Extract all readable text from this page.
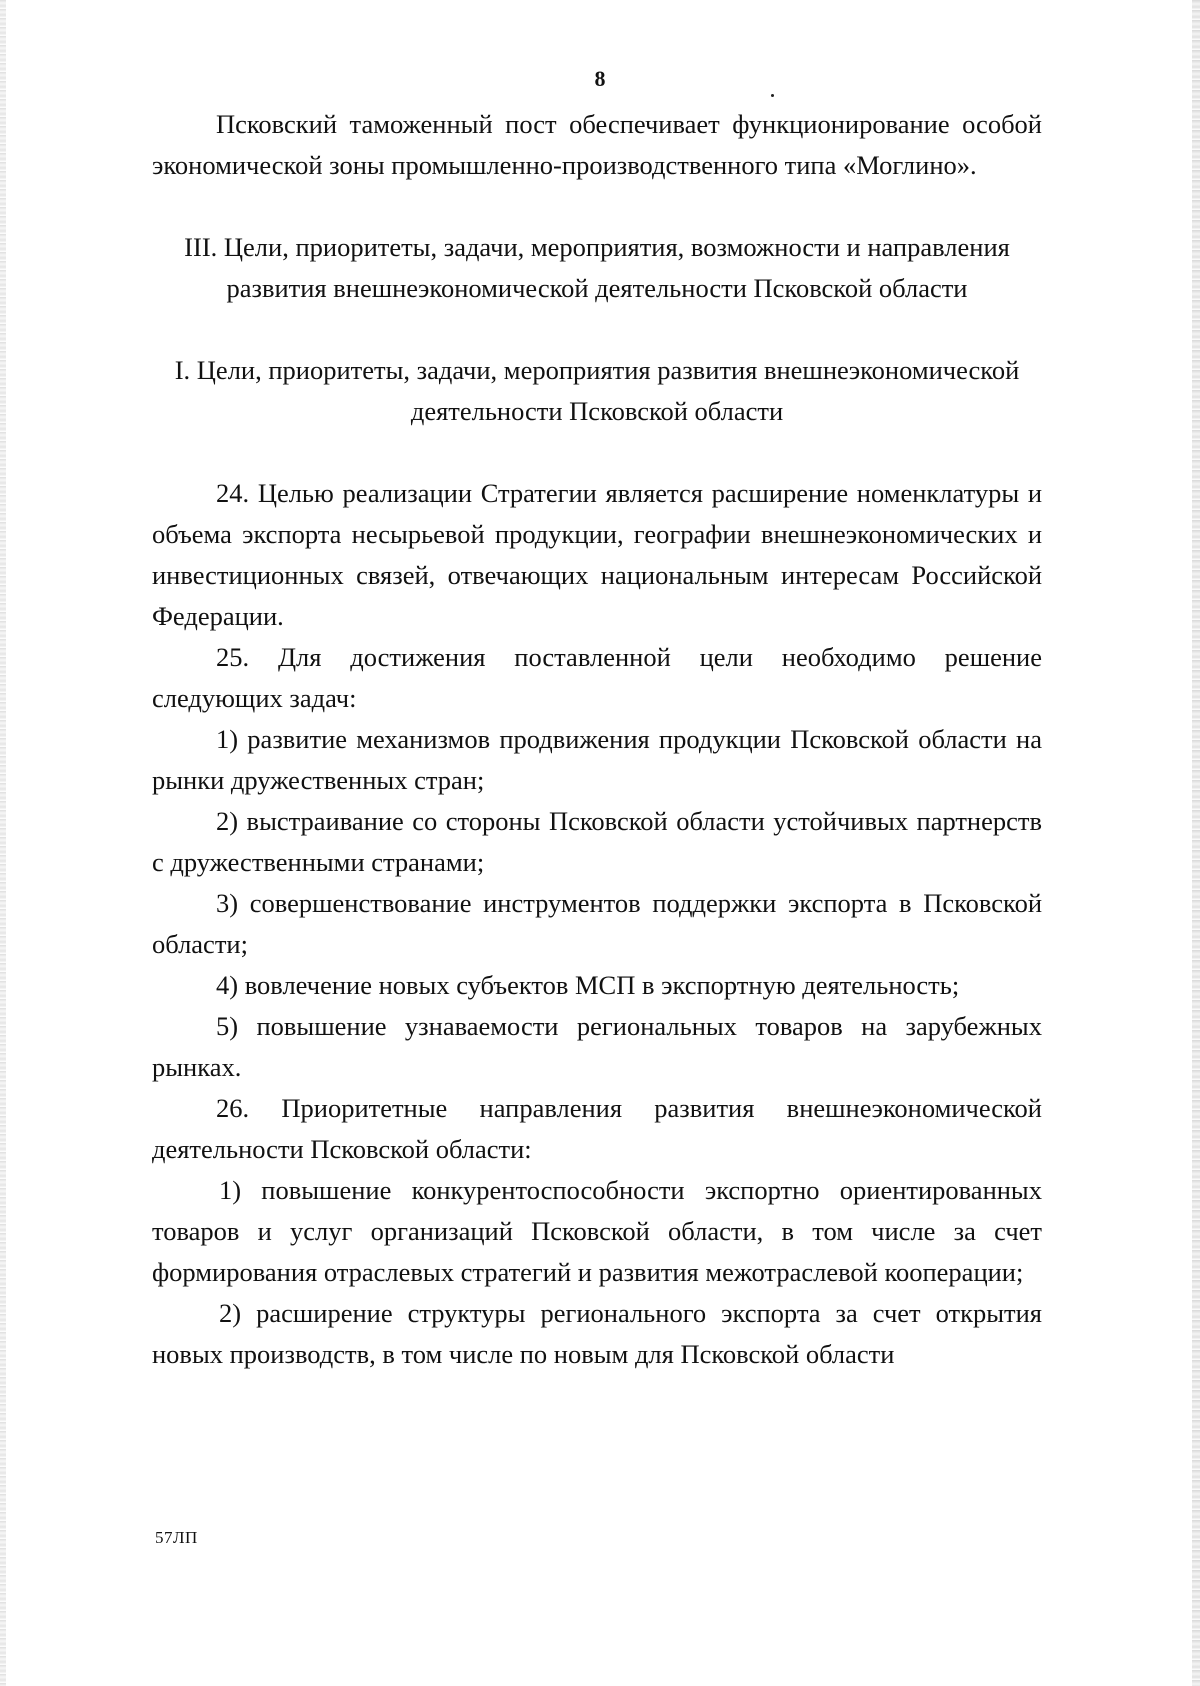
8

Псковский таможенный пост обеспечивает функционирование особой экономической зоны промышленно-производственного типа «Моглино».

III. Цели, приоритеты, задачи, мероприятия, возможности и направления развития внешнеэкономической деятельности Псковской области

I. Цели, приоритеты, задачи, мероприятия развития внешнеэкономической деятельности Псковской области

24. Целью реализации Стратегии является расширение номенклатуры и объема экспорта несырьевой продукции, географии внешнеэкономических и инвестиционных связей, отвечающих национальным интересам Российской Федерации.

25. Для достижения поставленной цели необходимо решение следующих задач:

1) развитие механизмов продвижения продукции Псковской области на рынки дружественных стран;

2) выстраивание со стороны Псковской области устойчивых партнерств с дружественными странами;

3) совершенствование инструментов поддержки экспорта в Псковской области;

4) вовлечение новых субъектов МСП в экспортную деятельность;

5) повышение узнаваемости региональных товаров на зарубежных рынках.

26. Приоритетные направления развития внешнеэкономической деятельности Псковской области:

1) повышение конкурентоспособности экспортно ориентированных товаров и услуг организаций Псковской области, в том числе за счет формирования отраслевых стратегий и развития межотраслевой кооперации;

2) расширение структуры регионального экспорта за счет открытия новых производств, в том числе по новым для Псковской области

57ЛП
